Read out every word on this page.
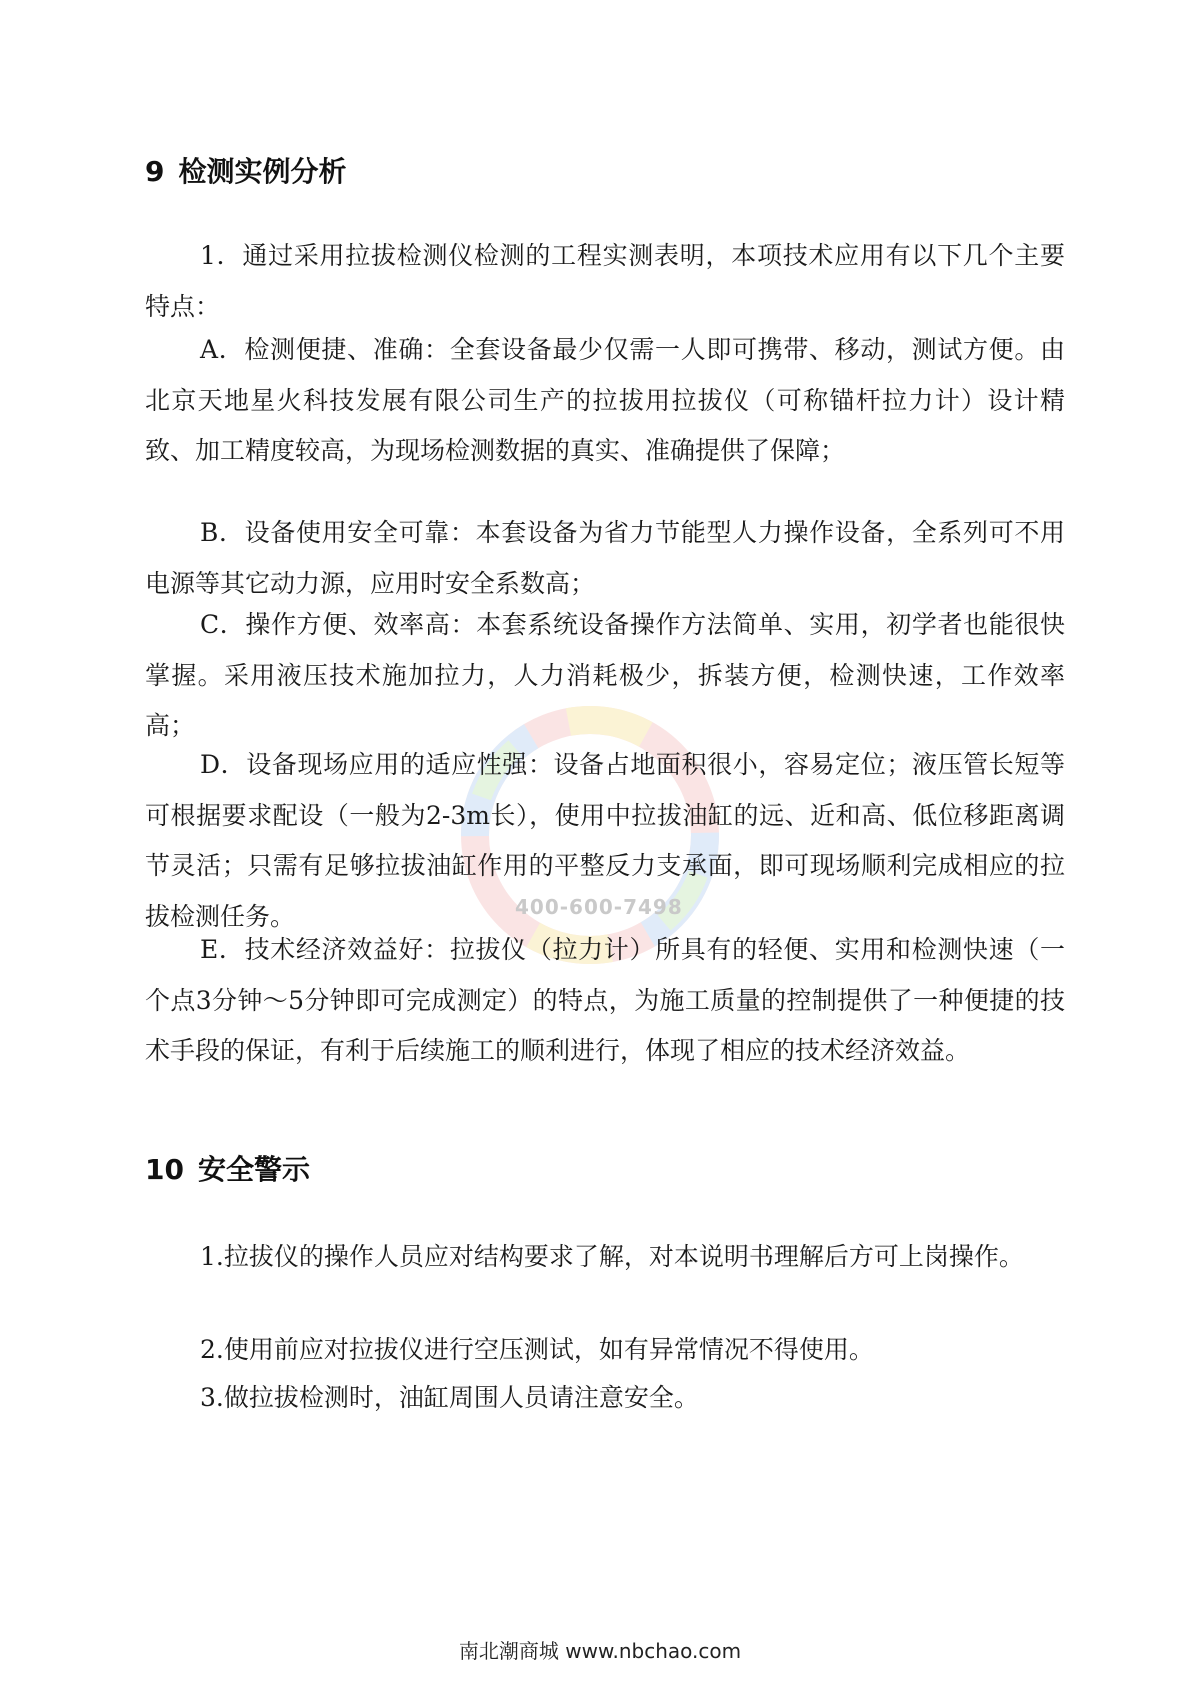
400-600-7498
9 检测实例分析

1．通过采用拉拔检测仪检测的工程实测表明，本项技术应用有以下几个主要特点：

A．检测便捷、准确：全套设备最少仅需一人即可携带、移动，测试方便。由北京天地星火科技发展有限公司生产的拉拔用拉拔仪（可称锚杆拉力计）设计精致、加工精度较高，为现场检测数据的真实、准确提供了保障；

B．设备使用安全可靠：本套设备为省力节能型人力操作设备，全系列可不用电源等其它动力源，应用时安全系数高；

C．操作方便、效率高：本套系统设备操作方法简单、实用，初学者也能很快掌握。采用液压技术施加拉力，人力消耗极少，拆装方便，检测快速，工作效率高；

D．设备现场应用的适应性强：设备占地面积很小，容易定位；液压管长短等可根据要求配设（一般为2-3m长），使用中拉拔油缸的远、近和高、低位移距离调节灵活；只需有足够拉拔油缸作用的平整反力支承面，即可现场顺利完成相应的拉拔检测任务。

E．技术经济效益好：拉拔仪（拉力计）所具有的轻便、实用和检测快速（一个点3分钟～5分钟即可完成测定）的特点，为施工质量的控制提供了一种便捷的技术手段的保证，有利于后续施工的顺利进行，体现了相应的技术经济效益。

10 安全警示

1.拉拔仪的操作人员应对结构要求了解，对本说明书理解后方可上岗操作。

2.使用前应对拉拔仪进行空压测试，如有异常情况不得使用。

3.做拉拔检测时，油缸周围人员请注意安全。

南北潮商城 www.nbchao.com
